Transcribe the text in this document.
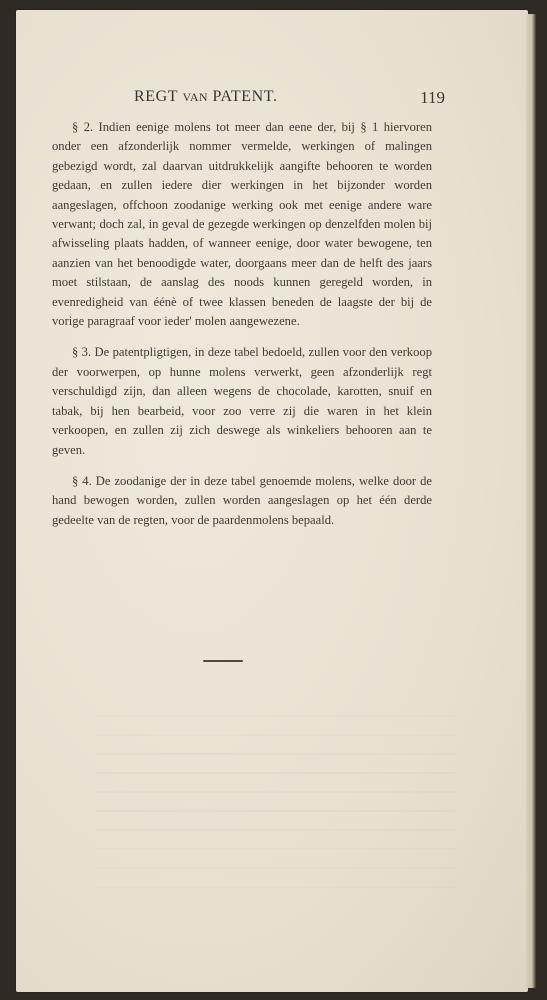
REGT VAN PATENT.	119

§ 2. Indien eenige molens tot meer dan eene der, bij § 1 hiervoren onder een afzonderlijk nommer vermelde, werkingen of malingen gebezigd wordt, zal daarvan uitdrukkelijk aangifte behooren te worden gedaan, en zullen iedere dier werkingen in het bijzonder worden aangeslagen, offchoon zoodanige werking ook met eenige andere ware verwant; doch zal, in geval de gezegde werkingen op denzelfden molen bij afwisseling plaats hadden, of wanneer eenige, door water bewogene, ten aanzien van het benoodigde water, doorgaans meer dan de helft des jaars moet stilstaan, de aanslag des noods kunnen geregeld worden, in evenredigheid van éénè of twee klassen beneden de laagste der bij de vorige paragraaf voor ieder' molen aangewezene.

§ 3. De patentpligtigen, in deze tabel bedoeld, zullen voor den verkoop der voorwerpen, op hunne molens verwerkt, geen afzonderlijk regt verschuldigd zijn, dan alleen wegens de chocolade, karotten, snuif en tabak, bij hen bearbeid, voor zoo verre zij die waren in het klein verkoopen, en zullen zij zich deswege als winkeliers behooren aan te geven.

§ 4. De zoodanige der in deze tabel genoemde molens, welke door de hand bewogen worden, zullen worden aangeslagen op het één derde gedeelte van de regten, voor de paardenmolens bepaald.
